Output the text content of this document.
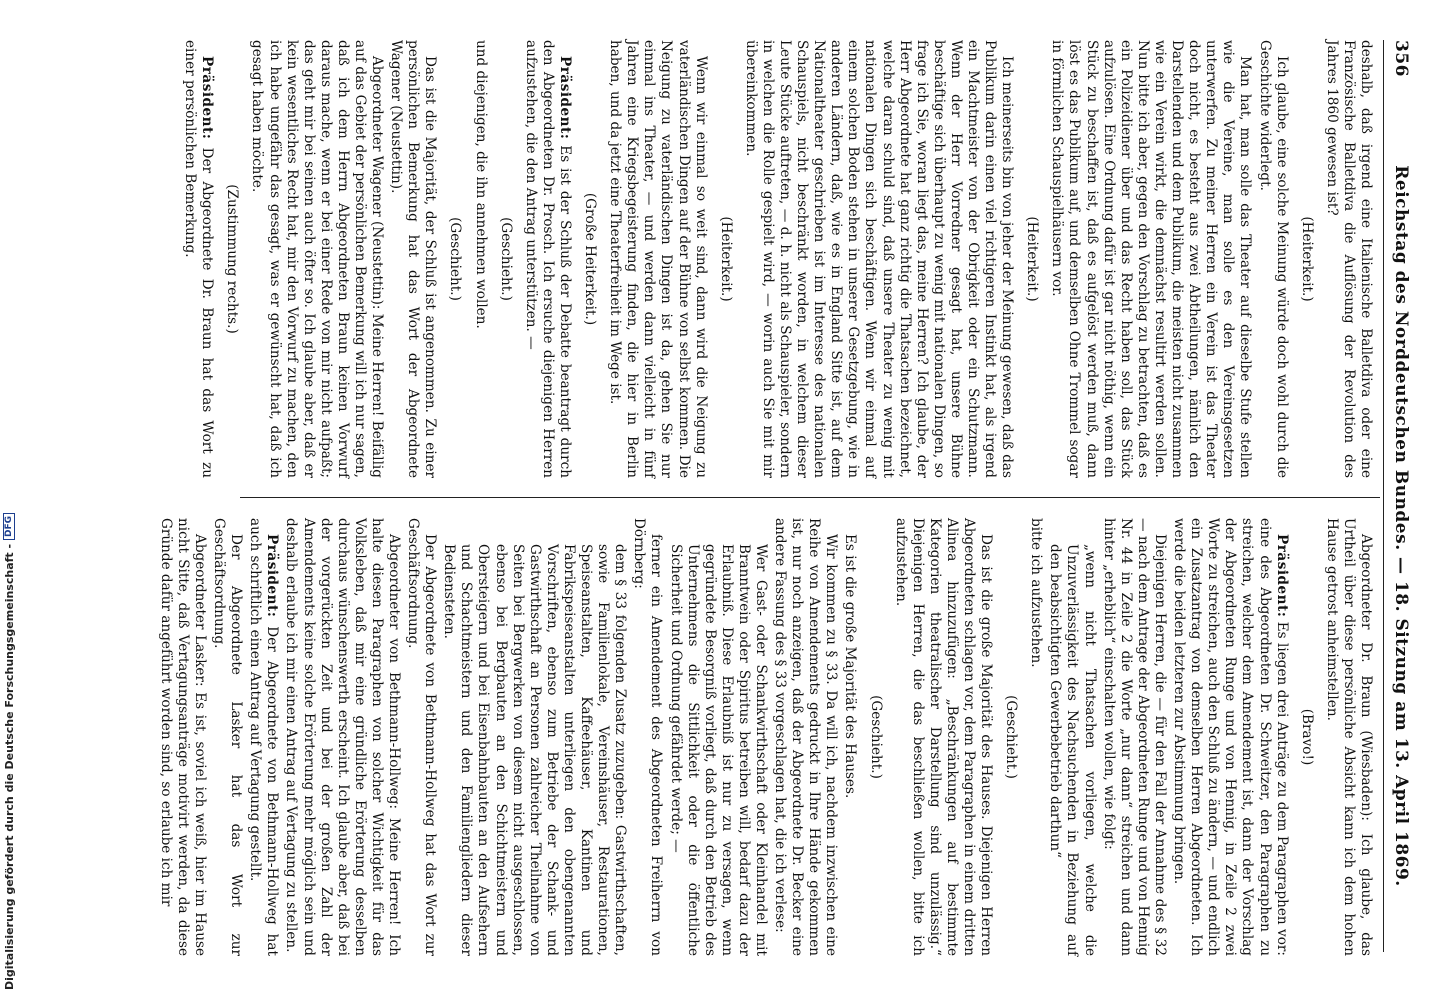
356
Reichstag des Norddeutschen Bundes. — 18. Sitzung am 13. April 1869.

deshalb, daß irgend eine Italienische Balletdiva oder eine Französische Balletdiva die Auflösung der Revolution des Jahres 1860 gewesen ist?

(Heiterkeit.)

Ich glaube, eine solche Meinung würde doch wohl durch die Geschichte widerlegt.

Man hat, man solle das Theater auf dieselbe Stufe stellen wie die Vereine, man solle es den Vereinsgesetzen unterwerfen. Zu meiner Herren ein Verein ist das Theater doch nicht, es besteht aus zwei Abtheilungen, nämlich den Darstellenden und dem Publikum, die meisten nicht zusammen wie ein Verein wirkt, die demnächst resultirt werden sollen. Nun bitte ich aber, gegen den Vorschlag zu betrachten, daß es ein Polizeidiener über und das Recht haben soll, das Stück aufzulösen. Eine Ordnung dafür ist gar nicht nöthig, wenn ein Stück zu beschaffen ist, daß es aufgelöst werden muß, dann löst es das Publikum auf, und demselben Ohne Trommel sogar in förmlichen Schauspielhäusern vor.

(Heiterkeit.)

Ich meinerseits bin von jeher der Meinung gewesen, daß das Publikum darin einen viel richtigeren Instinkt hat, als irgend ein Machtmeister von der Obrigkeit oder ein Schutzmann. Wenn der Herr Vorredner gesagt hat, unsere Bühne beschäftige sich überhaupt zu wenig mit nationalen Dingen, so frage ich Sie, woran liegt das, meine Herren? Ich glaube, der Herr Abgeordnete hat ganz richtig die Thatsachen bezeichnet, welche daran schuld sind, daß unsere Theater zu wenig mit nationalen Dingen sich beschäftigen. Wenn wir einmal auf einem solchen Boden stehen in unserer Gesetzgebung, wie in anderen Ländern, daß, wie es in England Sitte ist, auf dem Nationaltheater geschrieben ist im Interesse des nationalen Schauspiels, nicht beschränkt worden, in welchem dieser Leute Stücke auftreten, — d. h. nicht als Schauspieler, sondern in welchen die Rolle gespielt wird, — worin auch Sie mit mir übereinkommen.

(Heiterkeit.)

Wenn wir einmal so weit sind, dann wird die Neigung zu vaterländischen Dingen auf der Bühne von selbst kommen. Die Neigung zu vaterländischen Dingen ist da, gehen Sie nur einmal ins Theater, — und werden dann vielleicht in fünf Jahren eine Kriegsbegeisterung finden, die hier in Berlin haben, und da jetzt eine Theaterfreiheit im Wege ist.

(Große Heiterkeit.)

Präsident: Es ist der Schluß der Debatte beantragt durch den Abgeordneten Dr. Prosch. Ich ersuche diejenigen Herren aufzustehen, die den Antrag unterstützen. —

(Geschieht.)

und diejenigen, die ihn annehmen wollen.

(Geschieht.)

Das ist die Majorität, der Schluß ist angenommen. Zu einer persönlichen Bemerkung hat das Wort der Abgeordnete Wagener (Neustettin).

Abgeordneter Wagener (Neustettin): Meine Herren! Beifällig auf das Gebiet der persönlichen Bemerkung will ich nur sagen, daß ich dem Herrn Abgeordneten Braun keinen Vorwurf daraus mache, wenn er bei einer Rede von mir nicht aufpaßt; das geht mir bei seinen auch öfter so. Ich glaube aber, daß er kein wesentliches Recht hat, mir den Vorwurf zu machen, den ich habe ungefähr das gesagt, was er gewünscht hat, daß ich gesagt haben möchte.

(Zustimmung rechts.)

Präsident: Der Abgeordnete Dr. Braun hat das Wort zu einer persönlichen Bemerkung.

Abgeordneter Dr. Braun (Wiesbaden): Ich glaube, das Urtheil über diese persönliche Absicht kann ich dem hohen Hause getrost anheimstellen.

(Bravo!)

Präsident: Es liegen drei Anträge zu dem Paragraphen vor: eine des Abgeordneten Dr. Schweitzer, den Paragraphen zu streichen, welcher dem Amendement ist, dann der Vorschlag der Abgeordneten Runge und von Hennig, in Zeile 2 zwei Worte zu streichen, auch den Schluß zu ändern, — und endlich ein Zusatzantrag von demselben Herren Abgeordneten. Ich werde die beiden letzteren zur Abstimmung bringen.

Diejenigen Herren, die — für den Fall der Annahme des § 32 — nach dem Antrage der Abgeordneten Runge und von Hennig Nr. 44 in Zeile 2 die Worte „nur dann“ streichen und dann hinter „erheblich“ einschalten wollen, wie folgt:

„wenn nicht Thatsachen vorliegen, welche die Unzuverlässigkeit des Nachsuchenden in Beziehung auf den beabsichtigten Gewerbebetrieb darthun“

bitte ich aufzustehen.

(Geschieht.)

Das ist die große Majorität des Hauses. Diejenigen Herren Abgeordneten schlagen vor, dem Paragraphen in einem dritten Alinea hinzuzufügen: „Beschränkungen auf bestimmte Kategorien theatralischer Darstellung sind unzulässig.“ Diejenigen Herren, die das beschließen wollen, bitte ich aufzustehen.

(Geschieht.)

Es ist die große Majorität des Hauses.

Wir kommen zu § 33. Da will ich, nachdem inzwischen eine Reihe von Amendements gedruckt in Ihre Hände gekommen ist, nur noch anzeigen, daß der Abgeordnete Dr. Becker eine andere Fassung des § 33 vorgeschlagen hat, die ich verlese:

Wer Gast- oder Schankwirthschaft oder Kleinhandel mit Branntwein oder Spiritus betreiben will, bedarf dazu der Erlaubniß. Diese Erlaubniß ist nur zu versagen, wenn gegründete Besorgniß vorliegt, daß durch den Betrieb des Unternehmens die Sittlichkeit oder die öffentliche Sicherheit und Ordnung gefährdet werde; —

ferner ein Amendement des Abgeordneten Freiherrn von Dörnberg:

dem § 33 folgenden Zusatz zuzugeben: Gastwirthschaften, sowie Familienlokale, Vereinshäuser, Restaurationen, Speiseanstalten, Kaffeehäuser, Kantinen und Fabrikspeiseanstalten unterliegen den obengenannten Vorschriften, ebenso zum Betriebe der Schank- und Gastwirthschaft an Personen zahlreicher Theilnahme von Seiten bei Bergwerken von diesem nicht ausgeschlossen, ebenso bei Bergbauten an den Schichtmeistern und Obersteigern und bei Eisenbahnbauten an den Aufsehern und Schachtmeistern und den Familiengliedern dieser Bediensteten.

Der Abgeordnete von Bethmann-Hollweg hat das Wort zur Geschäftsordnung.

Abgeordneter von Bethmann-Hollweg: Meine Herren! Ich halte diesen Paragraphen von solcher Wichtigkeit für das Volksleben, daß mir eine gründliche Erörterung desselben durchaus wünschenswerth erscheint. Ich glaube aber, daß bei der vorgerückten Zeit und bei der großen Zahl der Amendements keine solche Erörterung mehr möglich sein und deshalb erlaube ich mir einen Antrag auf Vertagung zu stellen.

Präsident: Der Abgeordnete von Bethmann-Hollweg hat auch schriftlich einen Antrag auf Vertagung gestellt.

Der Abgeordnete Lasker hat das Wort zur Geschäftsordnung.

Abgeordneter Lasker: Es ist, soviel ich weiß, hier im Hause nicht Sitte, daß Vertagungsanträge motivirt werden, da diese Gründe dafür angeführt worden sind, so erlaube ich mir

Digitalisierung gefördert durch die Deutsche Forschungsgemeinschaft -
DFG
